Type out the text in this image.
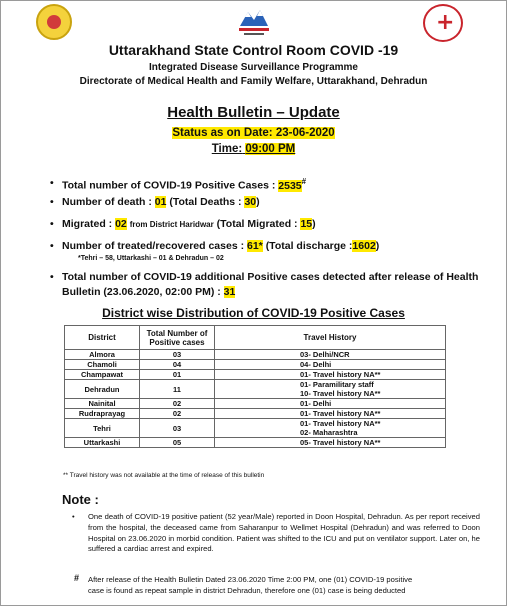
+
Uttarakhand State Control Room COVID -19
Integrated Disease Surveillance Programme
Directorate of Medical Health and Family Welfare, Uttarakhand, Dehradun
Health Bulletin – Update
Status as on Date: 23-06-2020
Time: 09:00 PM
• Total number of COVID-19 Positive Cases : 2535#
• Number of death : 01 (Total Deaths : 30)
• Migrated : 02 from District Haridwar (Total Migrated : 15)
• Number of treated/recovered cases : 61* (Total discharge :1602)
*Tehri – 58, Uttarkashi – 01 & Dehradun – 02
• Total number of COVID-19 additional Positive cases detected after release of Health
Bulletin (23.06.2020, 02:00 PM) : 31
District wise Distribution of COVID-19 Positive Cases
District	Total Number of Positive cases	Travel History
Almora	03	03- Delhi/NCR

Chamoli	04	04- Delhi

Champawat	01	01- Travel history NA**

Dehradun	11	01- Paramilitary staff
10- Travel history NA**

Nainital	02	01- Delhi

Rudraprayag	02	01- Travel history NA**

Tehri	03	01- Travel history NA**
02- Maharashtra

Uttarkashi	05	05- Travel history NA**
** Travel history was not available at the time of release of this bulletin
Note :
• One death of COVID-19 positive patient (52 year/Male) reported in Doon Hospital, Dehradun. As per report received from the hospital, the deceased came from Saharanpur to Wellmet Hospital (Dehradun) and was referred to Doon Hospital on 23.06.2020 in morbid condition. Patient was shifted to the ICU and put on ventilator support. Later on, he suffered a cardiac arrest and expired.
# After release of the Health Bulletin Dated 23.06.2020 Time 2:00 PM, one (01) COVID-19 positive
case is found as repeat sample in district Dehradun, therefore one (01) case is being deducted
